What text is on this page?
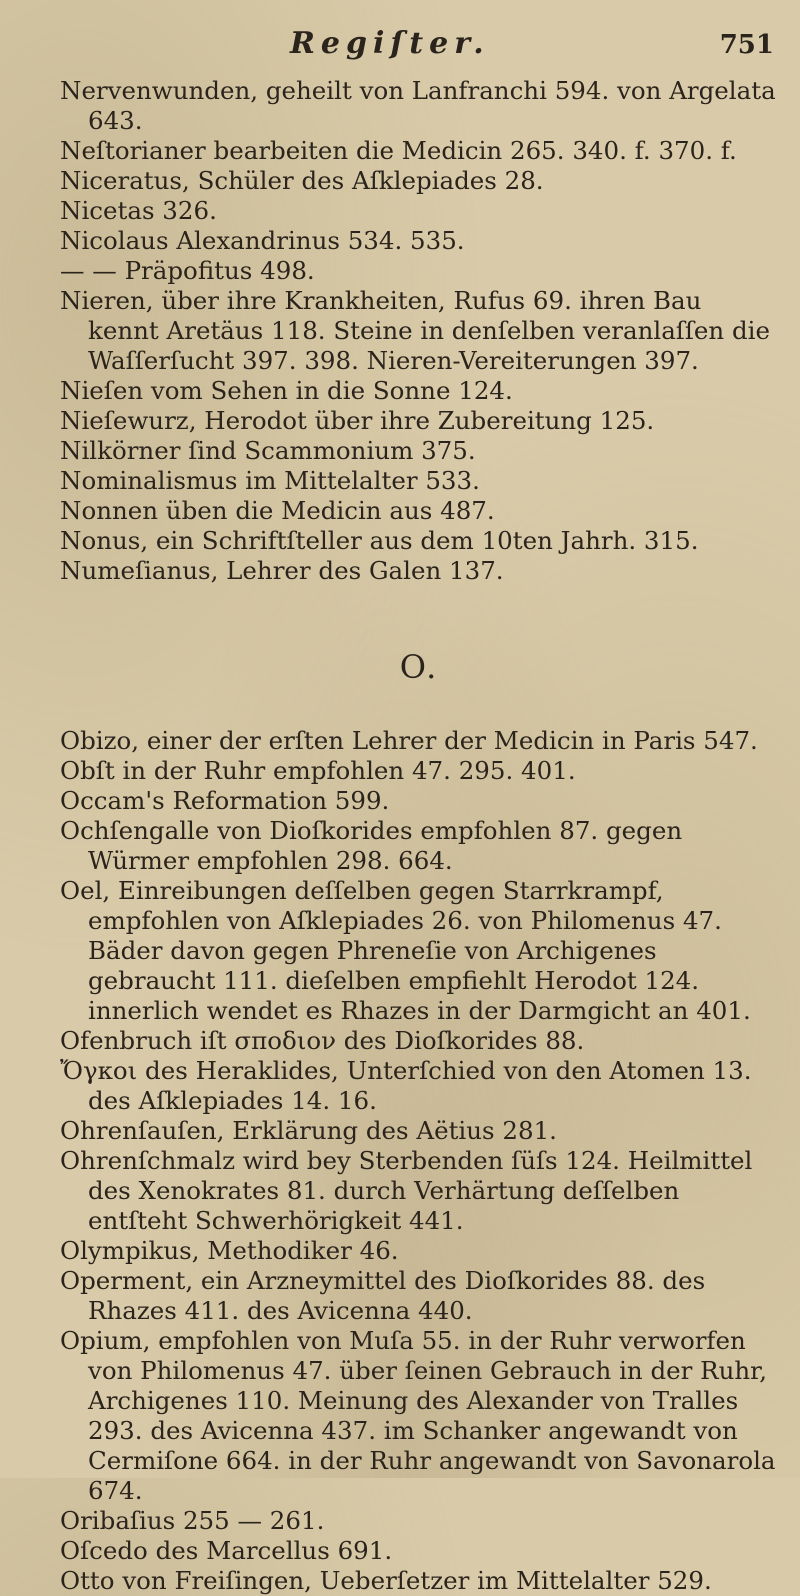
Regiſter.	751

Nervenwunden, geheilt von Lanfranchi 594. von Argelata 643.

Neſtorianer bearbeiten die Medicin 265. 340. f. 370. f.

Niceratus, Schüler des Aſklepiades 28.

Nicetas 326.

Nicolaus Alexandrinus 534. 535.

— — Präpofitus 498.

Nieren, über ihre Krankheiten, Rufus 69. ihren Bau kennt Aretäus 118. Steine in denſelben veranlaſſen die Waſſerſucht 397. 398. Nieren-Vereiterungen 397.

Nieſen vom Sehen in die Sonne 124.

Nieſewurz, Herodot über ihre Zubereitung 125.

Nilkörner ſind Scammonium 375.

Nominalismus im Mittelalter 533.

Nonnen üben die Medicin aus 487.

Nonus, ein Schriftſteller aus dem 10ten Jahrh. 315.

Numeſianus, Lehrer des Galen 137.

O.

Obizo, einer der erſten Lehrer der Medicin in Paris 547.

Obſt in der Ruhr empfohlen 47. 295. 401.

Occam's Reformation 599.

Ochſengalle von Dioſkorides empfohlen 87. gegen Würmer empfohlen 298. 664.

Oel, Einreibungen deſſelben gegen Starrkrampf, empfohlen von Aſklepiades 26. von Philomenus 47. Bäder davon gegen Phreneſie von Archigenes gebraucht 111. dieſelben empfiehlt Herodot 124. innerlich wendet es Rhazes in der Darmgicht an 401.

Ofenbruch iſt σποδιον des Dioſkorides 88.

Ὄγκοι des Heraklides, Unterſchied von den Atomen 13. des Aſklepiades 14. 16.

Ohrenſauſen, Erklärung des Aëtius 281.

Ohrenſchmalz wird bey Sterbenden ſüſs 124. Heilmittel des Xenokrates 81. durch Verhärtung deſſelben entſteht Schwerhörigkeit 441.

Olympikus, Methodiker 46.

Operment, ein Arzneymittel des Dioſkorides 88. des Rhazes 411. des Avicenna 440.

Opium, empfohlen von Muſa 55. in der Ruhr verworfen von Philomenus 47. über ſeinen Gebrauch in der Ruhr, Archigenes 110. Meinung des Alexander von Tralles 293. des Avicenna 437. im Schanker angewandt von Cermiſone 664. in der Ruhr angewandt von Savonarola 674.

Oribaſius 255 — 261.

Oſcedo des Marcellus 691.

Otto von Freiſingen, Ueberſetzer im Mittelalter 529.
